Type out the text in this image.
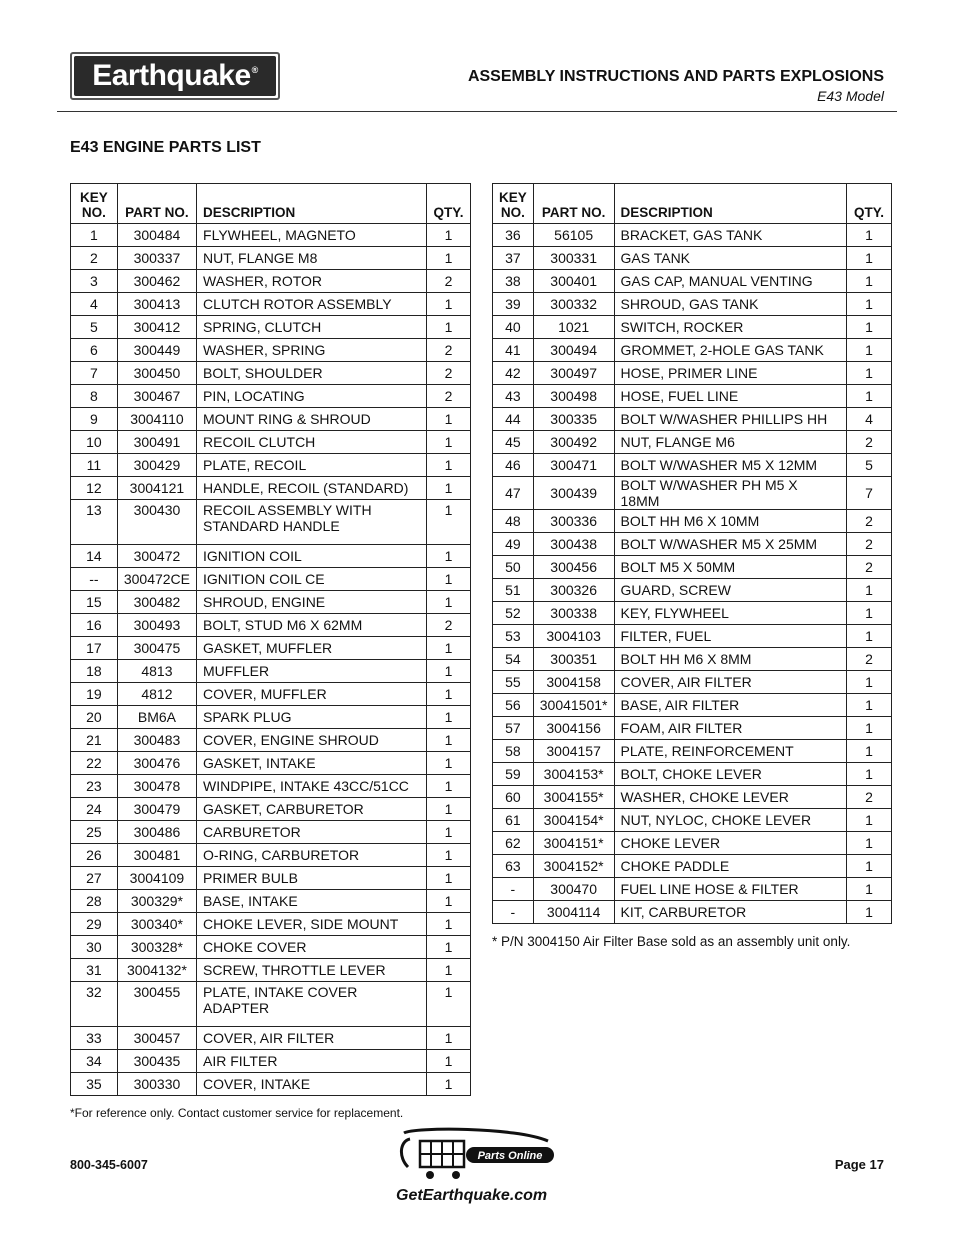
Earthquake®	ASSEMBLY INSTRUCTIONS AND PARTS EXPLOSIONS
E43 Model
E43 ENGINE PARTS LIST
KEY
NO.	PART NO.	DESCRIPTION	QTY.
1	300484	FLYWHEEL, MAGNETO	1
2	300337	NUT, FLANGE M8	1
3	300462	WASHER, ROTOR	2
4	300413	CLUTCH ROTOR ASSEMBLY	1
5	300412	SPRING, CLUTCH	1
6	300449	WASHER, SPRING	2
7	300450	BOLT, SHOULDER	2
8	300467	PIN, LOCATING	2
9	3004110	MOUNT RING & SHROUD	1
10	300491	RECOIL CLUTCH	1
11	300429	PLATE, RECOIL	1
12	3004121	HANDLE, RECOIL (STANDARD)	1
13	300430	RECOIL ASSEMBLY WITH STANDARD HANDLE	1
14	300472	IGNITION COIL	1
--	300472CE	IGNITION COIL CE	1
15	300482	SHROUD, ENGINE	1
16	300493	BOLT, STUD M6 X 62MM	2
17	300475	GASKET, MUFFLER	1
18	4813	MUFFLER	1
19	4812	COVER, MUFFLER	1
20	BM6A	SPARK PLUG	1
21	300483	COVER, ENGINE SHROUD	1
22	300476	GASKET, INTAKE	1
23	300478	WINDPIPE, INTAKE 43CC/51CC	1
24	300479	GASKET, CARBURETOR	1
25	300486	CARBURETOR	1
26	300481	O-RING, CARBURETOR	1
27	3004109	PRIMER BULB	1
28	300329*	BASE, INTAKE	1
29	300340*	CHOKE LEVER, SIDE MOUNT	1
30	300328*	CHOKE COVER	1
31	3004132*	SCREW, THROTTLE LEVER	1
32	300455	PLATE, INTAKE COVER ADAPTER	1
33	300457	COVER, AIR FILTER	1
34	300435	AIR FILTER	1
35	300330	COVER, INTAKE	1
KEY
NO.	PART NO.	DESCRIPTION	QTY.
36	56105	BRACKET, GAS TANK	1
37	300331	GAS TANK	1
38	300401	GAS CAP, MANUAL VENTING	1
39	300332	SHROUD, GAS TANK	1
40	1021	SWITCH, ROCKER	1
41	300494	GROMMET, 2-HOLE GAS TANK	1
42	300497	HOSE, PRIMER LINE	1
43	300498	HOSE, FUEL LINE	1
44	300335	BOLT W/WASHER PHILLIPS HH	4
45	300492	NUT, FLANGE M6	2
46	300471	BOLT W/WASHER M5 X 12MM	5
47	300439	BOLT W/WASHER PH M5 X 18MM	7
48	300336	BOLT HH M6 X 10MM	2
49	300438	BOLT W/WASHER M5 X 25MM	2
50	300456	BOLT M5 X 50MM	2
51	300326	GUARD, SCREW	1
52	300338	KEY, FLYWHEEL	1
53	3004103	FILTER, FUEL	1
54	300351	BOLT HH M6 X 8MM	2
55	3004158	COVER, AIR FILTER	1
56	30041501*	BASE, AIR FILTER	1
57	3004156	FOAM, AIR FILTER	1
58	3004157	PLATE, REINFORCEMENT	1
59	3004153*	BOLT, CHOKE LEVER	1
60	3004155*	WASHER, CHOKE LEVER	2
61	3004154*	NUT, NYLOC, CHOKE LEVER	1
62	3004151*	CHOKE LEVER	1
63	3004152*	CHOKE PADDLE	1
-	300470	FUEL LINE HOSE & FILTER	1
-	3004114	KIT, CARBURETOR	1
*For reference only. Contact customer service for replacement.
* P/N 3004150 Air Filter Base sold as an assembly unit only.
800-345-6007	Page 17
Parts Online
GetEarthquake.com
